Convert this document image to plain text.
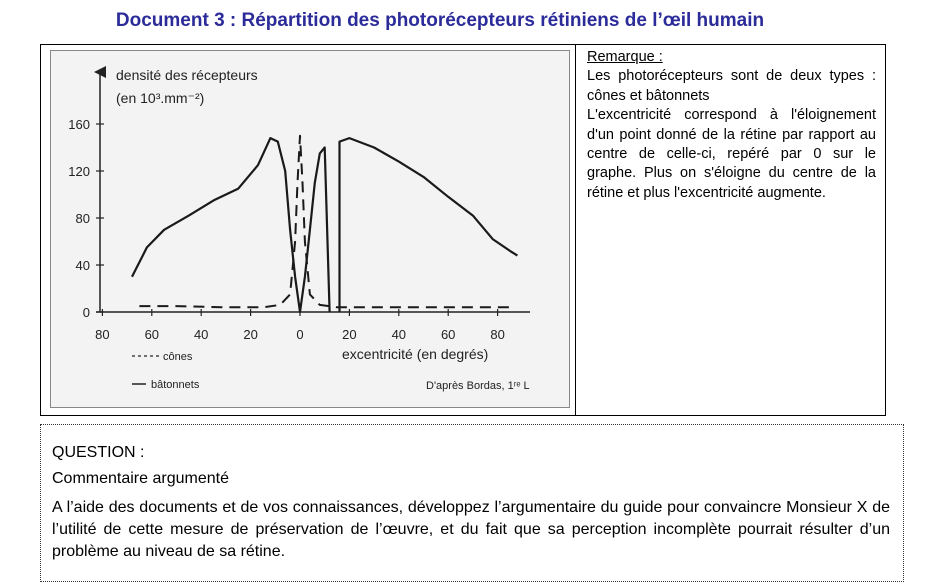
Document 3 : Répartition des photorécepteurs rétiniens de l’œil humain
densité des récepteurs
(en 10³.mm⁻²)
excentricité (en degrés)
0
40
80
120
160
80	60	40	20	0	20	40	60	80
cônes
bâtonnets	D'après Bordas, 1ʳᵉ L
Remarque :

Les photorécepteurs sont de deux types : cônes et bâtonnets

L'excentricité correspond à l'éloignement d'un point donné de la rétine par rapport au centre de celle-ci, repéré par 0 sur le graphe. Plus on s'éloigne du centre de la rétine et plus l'excentricité augmente.

QUESTION :
Commentaire argumenté
A l’aide des documents et de vos connaissances, développez l’argumentaire du guide pour convaincre Monsieur X de l’utilité de cette mesure de préservation de l’œuvre, et du fait que sa perception incomplète pourrait résulter d’un problème au niveau de sa rétine.
